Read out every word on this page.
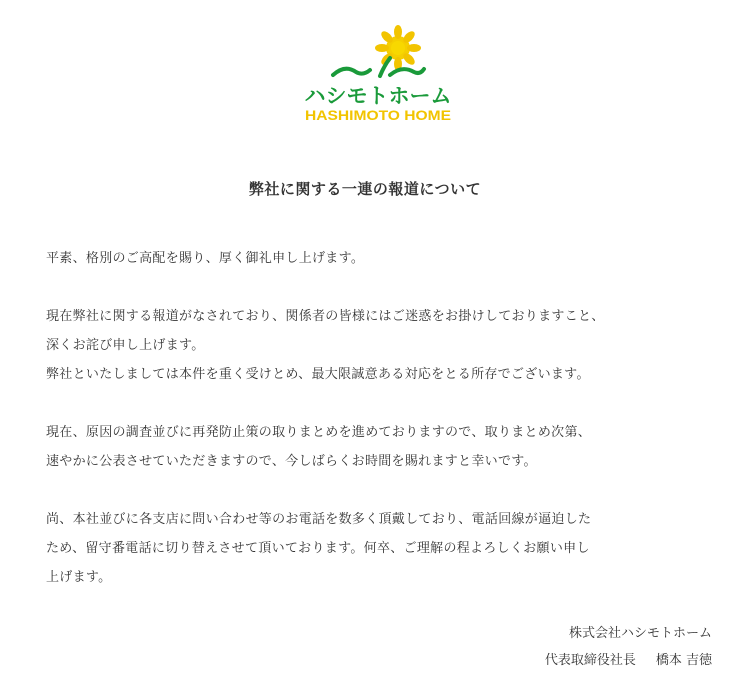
ハシモトホーム
HASHIMOTO HOME
弊社に関する一連の報道について
平素、格別のご高配を賜り、厚く御礼申し上げます。
現在弊社に関する報道がなされており、関係者の皆様にはご迷惑をお掛けしておりますこと、
深くお詫び申し上げます。
弊社といたしましては本件を重く受けとめ、最大限誠意ある対応をとる所存でございます。
現在、原因の調査並びに再発防止策の取りまとめを進めておりますので、取りまとめ次第、
速やかに公表させていただきますので、今しばらくお時間を賜れますと幸いです。
尚、本社並びに各支店に問い合わせ等のお電話を数多く頂戴しており、電話回線が逼迫した
ため、留守番電話に切り替えさせて頂いております。何卒、ご理解の程よろしくお願い申し
上げます。
株式会社ハシモトホーム
代表取締役社長 橋本 吉徳
